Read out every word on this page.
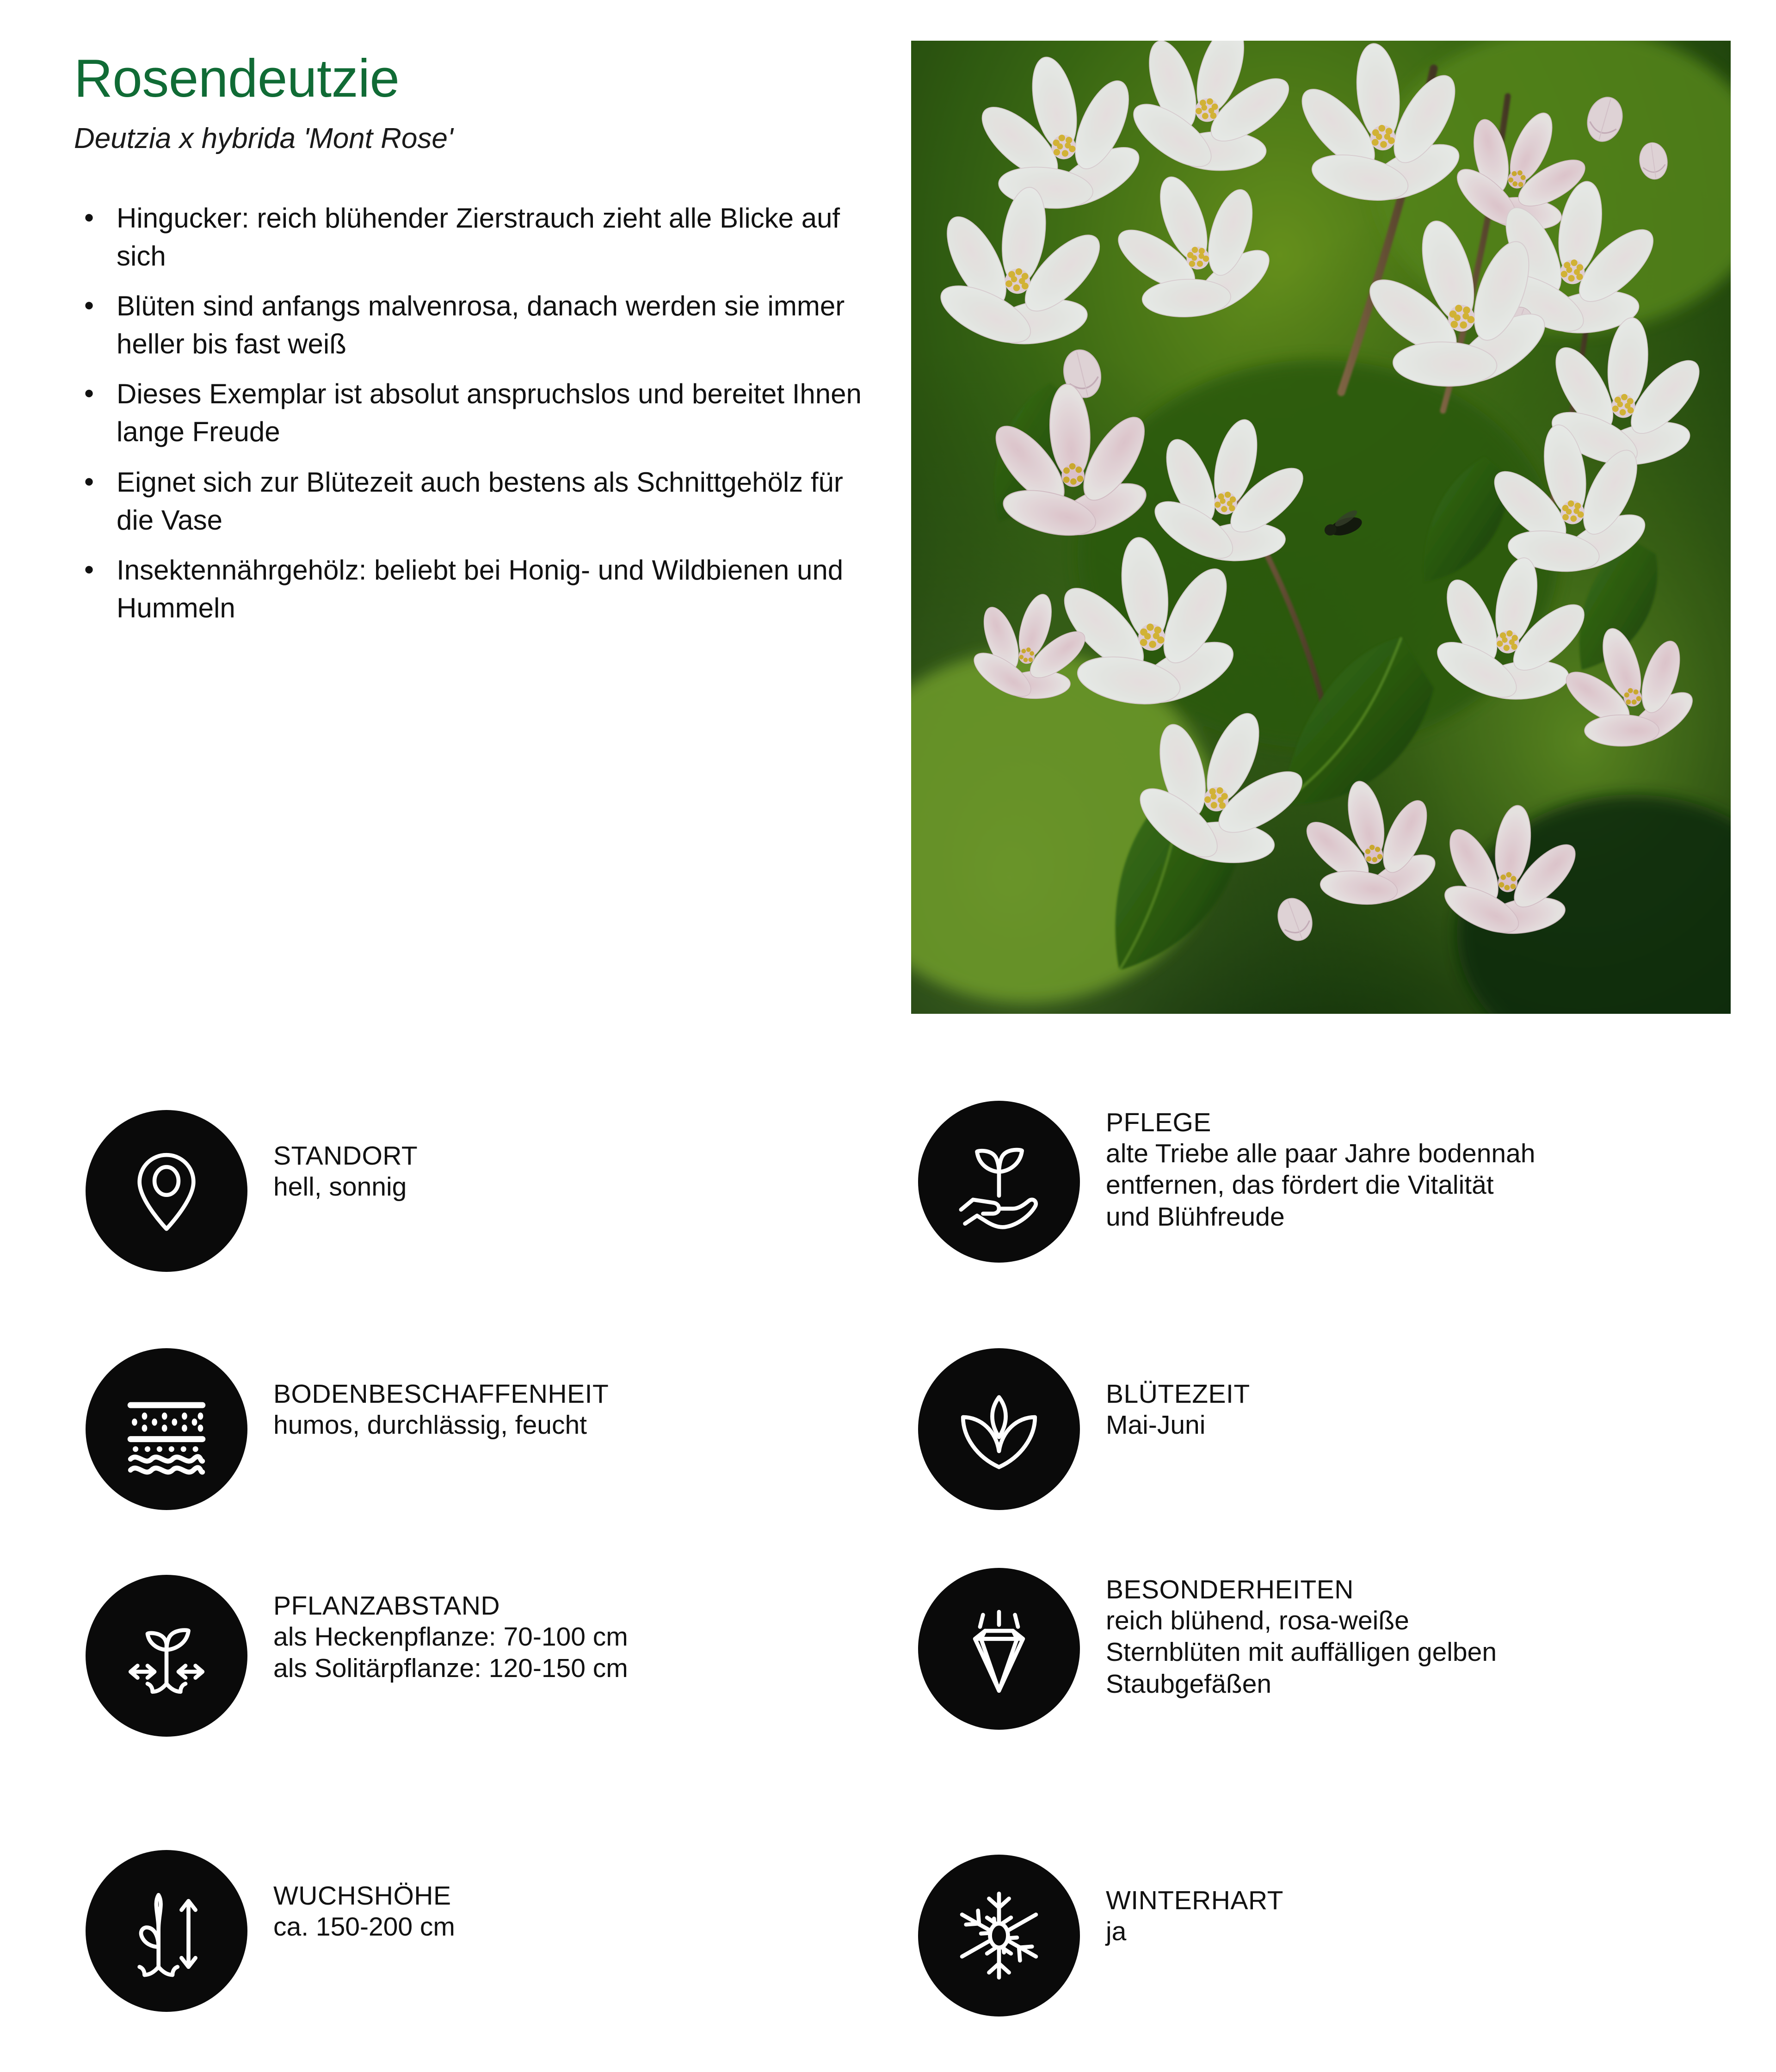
Rosendeutzie
Deutzia x hybrida 'Mont Rose'
• Hingucker: reich blühender Zierstrauch zieht alle Blicke auf sich
• Blüten sind anfangs malvenrosa, danach werden sie immer heller bis fast weiß
• Dieses Exemplar ist absolut anspruchslos und bereitet Ihnen lange Freude
• Eignet sich zur Blütezeit auch bestens als Schnittgehölz für die Vase
• Insektennährgehölz: beliebt bei Honig- und Wildbienen und Hummeln
STANDORT
hell, sonnig
BODENBESCHAFFENHEIT
humos, durchlässig, feucht
PFLANZABSTAND
als Heckenpflanze: 70-100 cm
als Solitärpflanze: 120-150 cm
WUCHSHÖHE
ca. 150-200 cm
PFLEGE
alte Triebe alle paar Jahre bodennah
entfernen, das fördert die Vitalität
und Blühfreude
BLÜTEZEIT
Mai-Juni
BESONDERHEITEN
reich blühend, rosa-weiße
Sternblüten mit auffälligen gelben
Staubgefäßen
WINTERHART
ja
